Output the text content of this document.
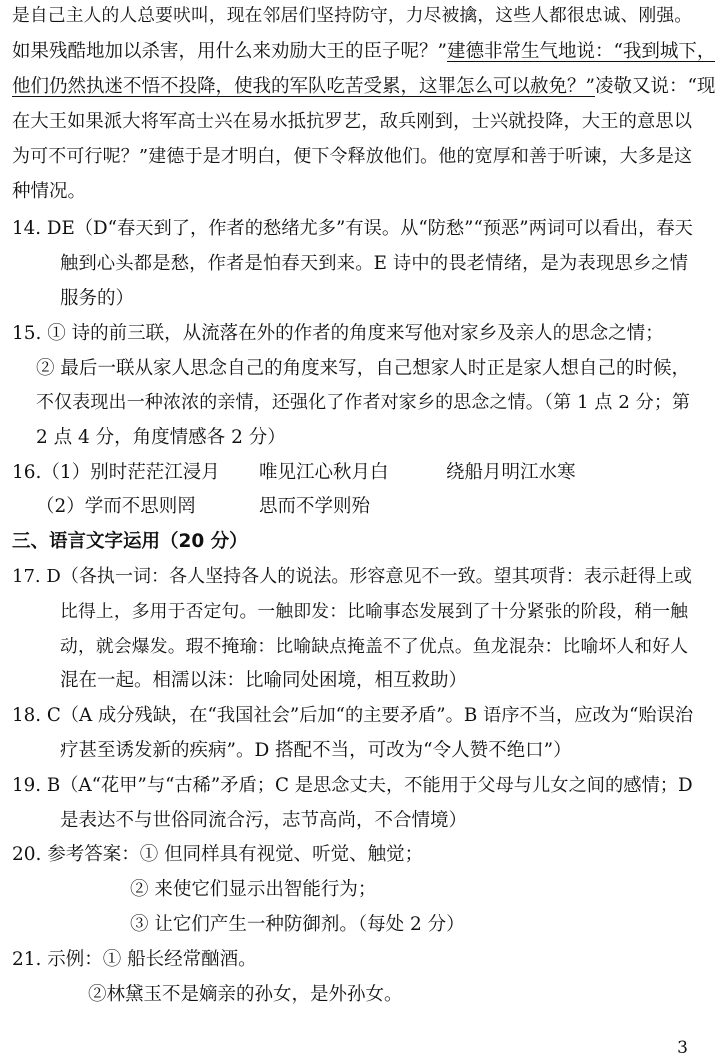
是自己主人的人总要吠叫，现在邻居们坚持防守，力尽被擒，这些人都很忠诚、刚强。
如果残酷地加以杀害，用什么来劝励大王的臣子呢？”建德非常生气地说：“我到城下，
他们仍然执迷不悟不投降，使我的军队吃苦受累，这罪怎么可以赦免？”凌敬又说：“现
在大王如果派大将军高士兴在易水抵抗罗艺，敌兵刚到，士兴就投降，大王的意思以
为可不可行呢？”建德于是才明白，便下令释放他们。他的宽厚和善于听谏，大多是这
种情况。
14. DE（D“春天到了，作者的愁绪尤多”有误。从“防愁”“预恶”两词可以看出，春天
触到心头都是愁，作者是怕春天到来。E 诗中的畏老情绪，是为表现思乡之情
服务的）
15. ① 诗的前三联，从流落在外的作者的角度来写他对家乡及亲人的思念之情；
② 最后一联从家人思念自己的角度来写，自己想家人时正是家人想自己的时候，
不仅表现出一种浓浓的亲情，还强化了作者对家乡的思念之情。（第 1 点 2 分；第
2 点 4 分，角度情感各 2 分）
16.（1）别时茫茫江浸月 唯见江心秋月白	绕船月明江水寒
（2）学而不思则罔	思而不学则殆
三、语言文字运用（20 分）
17. D（各执一词：各人坚持各人的说法。形容意见不一致。望其项背：表示赶得上或
比得上，多用于否定句。一触即发：比喻事态发展到了十分紧张的阶段，稍一触
动，就会爆发。瑕不掩瑜：比喻缺点掩盖不了优点。鱼龙混杂：比喻坏人和好人
混在一起。相濡以沫：比喻同处困境，相互救助）
18. C（A 成分残缺，在“我国社会”后加“的主要矛盾”。B 语序不当，应改为“贻误治
疗甚至诱发新的疾病”。D 搭配不当，可改为“令人赞不绝口”）
19. B（A“花甲”与“古稀”矛盾；C 是思念丈夫，不能用于父母与儿女之间的感情；D
是表达不与世俗同流合污，志节高尚，不合情境）
20. 参考答案：① 但同样具有视觉、听觉、触觉；
② 来使它们显示出智能行为；
③ 让它们产生一种防御剂。（每处 2 分）
21. 示例：① 船长经常酗酒。
②林黛玉不是嫡亲的孙女，是外孙女。
3
